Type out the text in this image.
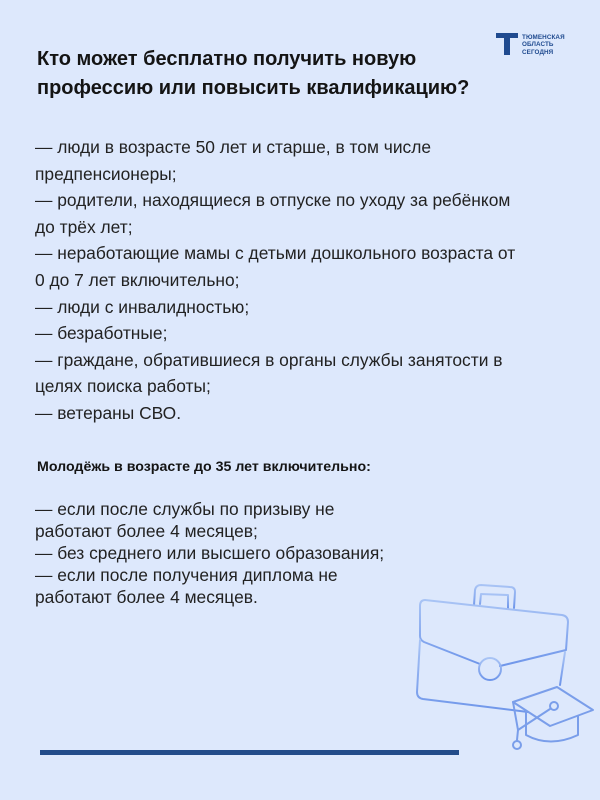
ТЮМЕНСКАЯ
ОБЛАСТЬ
СЕГОДНЯ
Кто может бесплатно получить новую
профессию или повысить квалификацию?
— люди в возрасте 50 лет и старше, в том числе
предпенсионеры;
— родители, находящиеся в отпуске по уходу за ребёнком
до трёх лет;
— неработающие мамы с детьми дошкольного возраста от
0 до 7 лет включительно;
— люди с инвалидностью;
— безработные;
— граждане, обратившиеся в органы службы занятости в
целях поиска работы;
— ветераны СВО.
Молодёжь в возрасте до 35 лет включительно:
— если после службы по призыву не
работают более 4 месяцев;
— без среднего или высшего образования;
— если после получения диплома не
работают более 4 месяцев.
